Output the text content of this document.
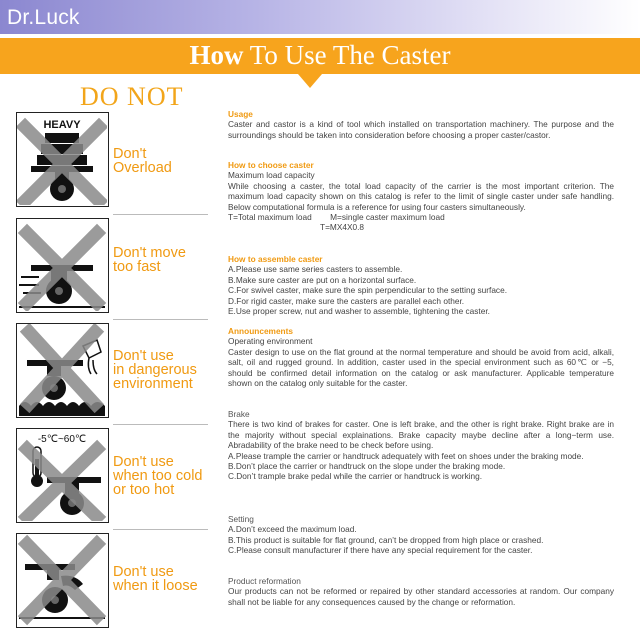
Dr.Luck
How To Use The Caster
DO NOT
HEAVY
Don't
Overload
Don't move
too fast
Don't use
in dangerous
environment
-5℃~60℃
Don't use
when too cold
or too hot
Don't use
when it loose
Usage
Caster and castor is a kind of tool which installed on transportation machinery. The purpose and the surroundings should be taken into consideration before choosing a proper caster/castor.
How to choose caster
Maximum load capacity
While choosing a caster, the total load capacity of the carrier is the most important criterion. The maximum load capacity shown on this catalog is refer to the limit of single caster under safe handling. Below computational formula is a reference for using four casters simultaneously.
T=Total maximum load        M=single caster maximum load
T=MX4X0.8
How to assemble caster
A.Please use same series casters to assemble.
B.Make sure caster are put on a horizontal surface.
C.For swivel caster, make sure the spin perpendicular to the setting surface.
D.For rigid caster, make sure the casters are parallel each other.
E.Use proper screw, nut and washer to assemble, tightening the caster.
Announcements
Operating environment
Caster design to use on the flat ground at the normal temperature and should be avoid from acid, alkali, salt, oil and rugged ground. In addition, caster used in the special environment such as 60℃ or −5, should be confirmed detail information on the catalog or ask manufacturer. Applicable temperature shown on the catalog only suitable for the caster.
Brake
There is two kind of brakes for caster. One is left brake, and the other is right brake. Right brake are in the majority without special explainations. Brake capacity maybe decline after a long−term use. Abradability of the brake need to be check before using.
A.Please trample the carrier or handtruck adequately with feet on shoes under the braking mode.
B.Don’t place the carrier or handtruck on the slope under the braking mode.
C.Don’t trample brake pedal while the carrier or handtruck is working.
Setting
A.Don’t exceed the maximum load.
B.This product is suitable for flat ground, can’t be dropped from high place or crashed.
C.Please consult manufacturer if there have any special requirement for the caster.
Product reformation
Our products can not be reformed or repaired by other standard accessories at random. Our company shall not be liable for any consequences caused by the change or reformation.
